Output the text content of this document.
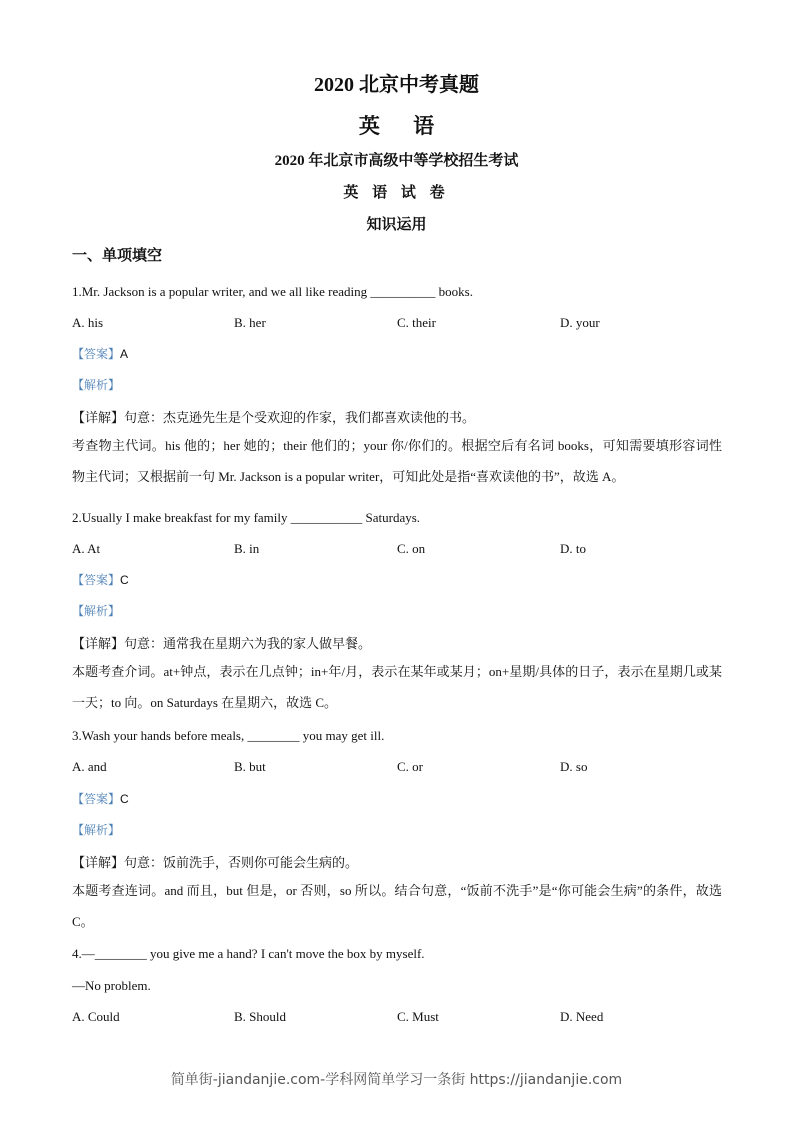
2020 北京中考真题
英 语
2020 年北京市高级中等学校招生考试
英 语 试 卷
知识运用
一、单项填空
1.Mr. Jackson is a popular writer, and we all like reading __________ books.
A. his	B. her	C. their	D. your
【答案】A
【解析】
【详解】句意：杰克逊先生是个受欢迎的作家，我们都喜欢读他的书。
考查物主代词。his 他的；her 她的；their 他们的；your 你/你们的。根据空后有名词 books，可知需要填形容词性物主代词；又根据前一句 Mr. Jackson is a popular writer，可知此处是指“喜欢读他的书”，故选 A。
2.Usually I make breakfast for my family ___________ Saturdays.
A. At	B. in	C. on	D. to
【答案】C
【解析】
【详解】句意：通常我在星期六为我的家人做早餐。
本题考查介词。at+钟点，表示在几点钟；in+年/月，表示在某年或某月；on+星期/具体的日子，表示在星期几或某一天；to 向。on Saturdays 在星期六，故选 C。
3.Wash your hands before meals, ________ you may get ill.
A. and	B. but	C. or	D. so
【答案】C
【解析】
【详解】句意：饭前洗手，否则你可能会生病的。
本题考查连词。and 而且，but 但是，or 否则，so 所以。结合句意，“饭前不洗手”是“你可能会生病”的条件，故选 C。
4.—________ you give me a hand? I can't move the box by myself.
—No problem.
A. Could	B. Should	C. Must	D. Need
简单街-jiandanjie.com-学科网简单学习一条街 https://jiandanjie.com
